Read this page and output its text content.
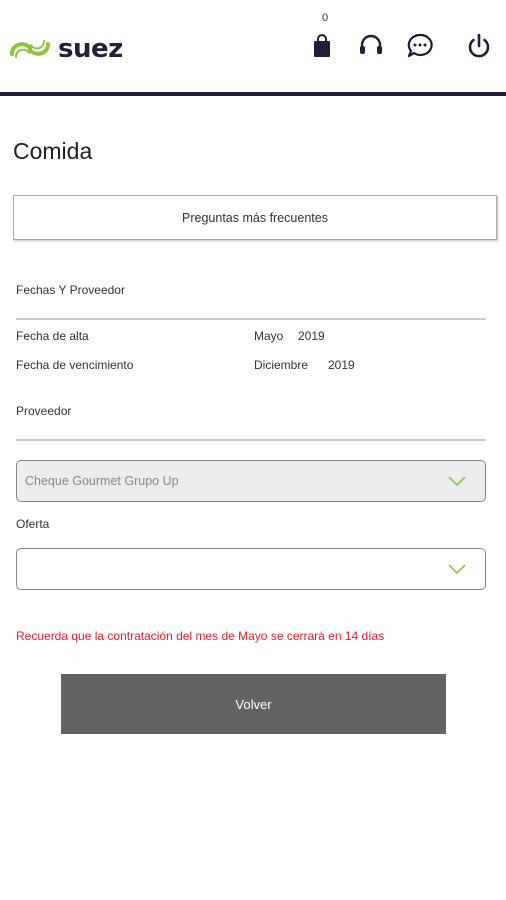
suez
0
Comida
Preguntas más frecuentes
Fechas Y Proveedor
Fecha de alta	Mayo 2019
Fecha de vencimiento	Diciembre 2019
Proveedor
Cheque Gourmet Grupo Up
Oferta
Recuerda que la contratación del mes de Mayo se cerrará en 14 días
Volver
